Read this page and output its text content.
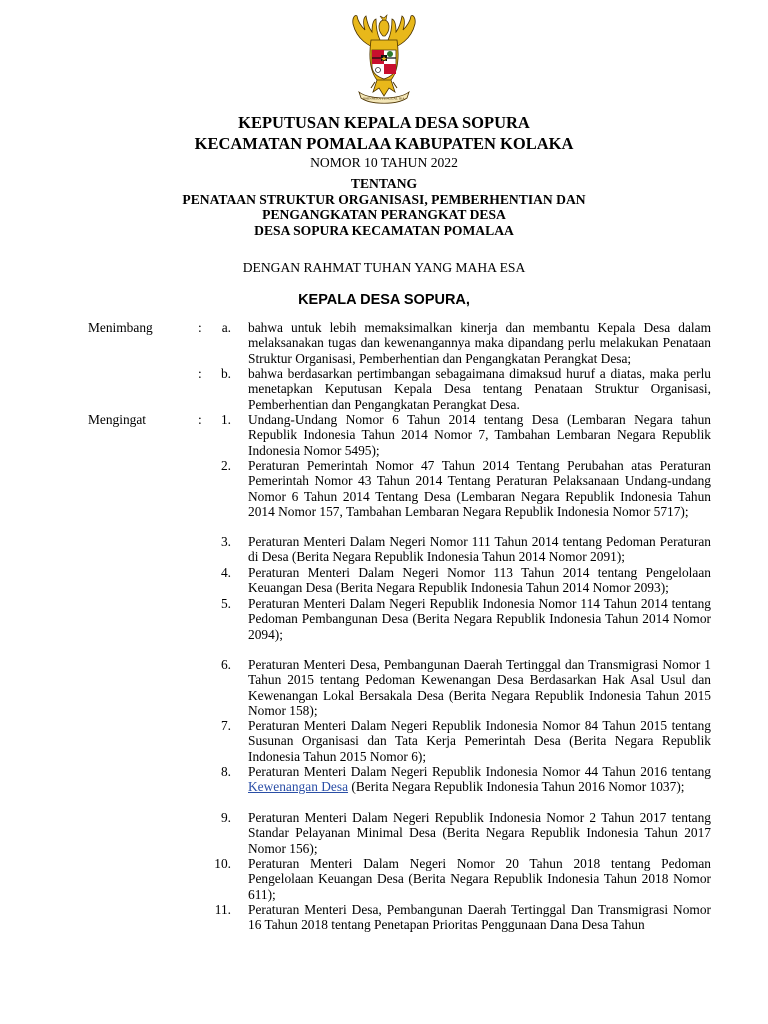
BHINNEKA TUNGGAL IKA
KEPUTUSAN KEPALA DESA SOPURA
KECAMATAN POMALAA KABUPATEN KOLAKA
NOMOR 10 TAHUN 2022
TENTANG
PENATAAN STRUKTUR ORGANISASI, PEMBERHENTIAN DAN
PENGANGKATAN PERANGKAT DESA
DESA SOPURA KECAMATAN POMALAA
DENGAN RAHMAT TUHAN YANG MAHA ESA
KEPALA DESA SOPURA,
Menimbang	:	a. bahwa untuk lebih memaksimalkan kinerja dan membantu Kepala Desa dalam melaksanakan tugas dan kewenangannya maka dipandang perlu melakukan Penataan Struktur Organisasi, Pemberhentian dan Pengangkatan Perangkat Desa;
:	b. bahwa berdasarkan pertimbangan sebagaimana dimaksud huruf a diatas, maka perlu menetapkan Keputusan Kepala Desa tentang Penataan Struktur Organisasi, Pemberhentian dan Pengangkatan Perangkat Desa.
Mengingat	:	1. Undang-Undang Nomor 6 Tahun 2014 tentang Desa (Lembaran Negara tahun Republik Indonesia Tahun 2014 Nomor 7, Tambahan Lembaran Negara Republik Indonesia Nomor 5495);
2. Peraturan Pemerintah Nomor 47 Tahun 2014 Tentang Perubahan atas Peraturan Pemerintah Nomor 43 Tahun 2014 Tentang Peraturan Pelaksanaan Undang-undang Nomor 6 Tahun 2014 Tentang Desa (Lembaran Negara Republik Indonesia Tahun 2014 Nomor 157, Tambahan Lembaran Negara Republik Indonesia Nomor 5717);
3. Peraturan Menteri Dalam Negeri Nomor 111 Tahun 2014 tentang Pedoman Peraturan di Desa (Berita Negara Republik Indonesia Tahun 2014 Nomor 2091);
4. Peraturan Menteri Dalam Negeri Nomor 113 Tahun 2014 tentang Pengelolaan Keuangan Desa (Berita Negara Republik Indonesia Tahun 2014 Nomor 2093);
5. Peraturan Menteri Dalam Negeri Republik Indonesia Nomor 114 Tahun 2014 tentang Pedoman Pembangunan Desa (Berita Negara Republik Indonesia Tahun 2014 Nomor 2094);
6. Peraturan Menteri Desa, Pembangunan Daerah Tertinggal dan Transmigrasi Nomor 1 Tahun 2015 tentang Pedoman Kewenangan Desa Berdasarkan Hak Asal Usul dan Kewenangan Lokal Bersakala Desa (Berita Negara Republik Indonesia Tahun 2015 Nomor 158);
7. Peraturan Menteri Dalam Negeri Republik Indonesia Nomor 84 Tahun 2015 tentang Susunan Organisasi dan Tata Kerja Pemerintah Desa (Berita Negara Republik Indonesia Tahun 2015 Nomor 6);
8. Peraturan Menteri Dalam Negeri Republik Indonesia Nomor 44 Tahun 2016 tentang Kewenangan Desa (Berita Negara Republik Indonesia Tahun 2016 Nomor 1037);
9. Peraturan Menteri Dalam Negeri Republik Indonesia Nomor 2 Tahun 2017 tentang Standar Pelayanan Minimal Desa (Berita Negara Republik Indonesia Tahun 2017 Nomor 156);
10. Peraturan Menteri Dalam Negeri Nomor 20 Tahun 2018 tentang Pedoman Pengelolaan Keuangan Desa (Berita Negara Republik Indonesia Tahun 2018 Nomor 611);
11. Peraturan Menteri Desa, Pembangunan Daerah Tertinggal Dan Transmigrasi Nomor 16 Tahun 2018 tentang Penetapan Prioritas Penggunaan Dana Desa Tahun
